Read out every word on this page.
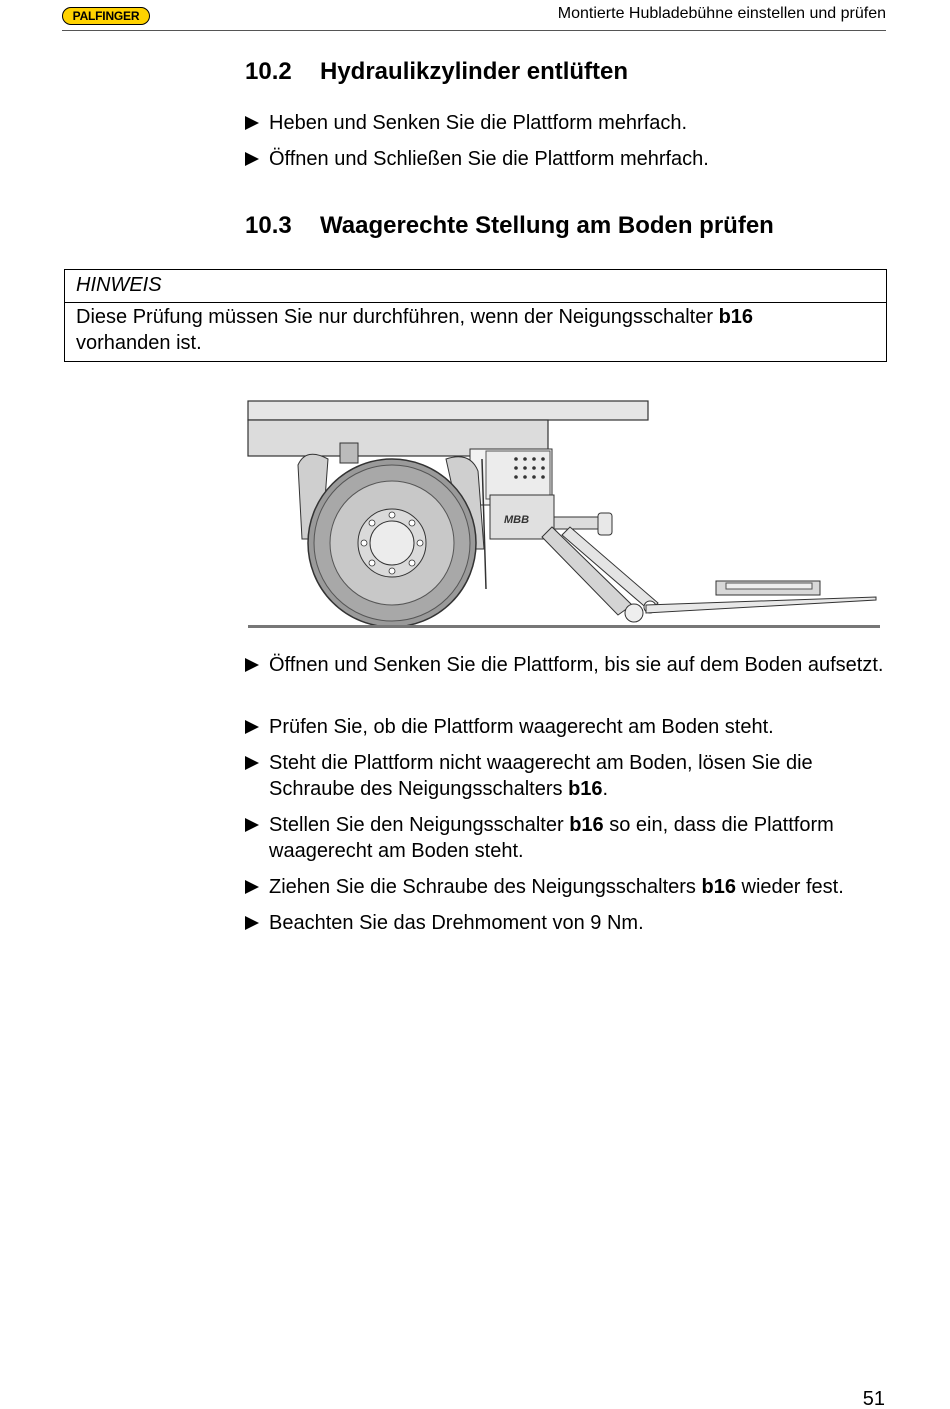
PALFINGER	Montierte Hubladebühne einstellen und prüfen
10.2 Hydraulikzylinder entlüften
Heben und Senken Sie die Plattform mehrfach.
Öffnen und Schließen Sie die Plattform mehrfach.
10.3 Waagerechte Stellung am Boden prüfen
HINWEIS
Diese Prüfung müssen Sie nur durchführen, wenn der Neigungsschalter b16
vorhanden ist.
MBB
Öffnen und Senken Sie die Plattform, bis sie auf dem Boden aufsetzt.
Prüfen Sie, ob die Plattform waagerecht am Boden steht.
Steht die Plattform nicht waagerecht am Boden, lösen Sie die Schraube des Neigungsschalters b16.
Stellen Sie den Neigungsschalter b16 so ein, dass die Plattform waagerecht am Boden steht.
Ziehen Sie die Schraube des Neigungsschalters b16 wieder fest.
Beachten Sie das Drehmoment von 9 Nm.
51
